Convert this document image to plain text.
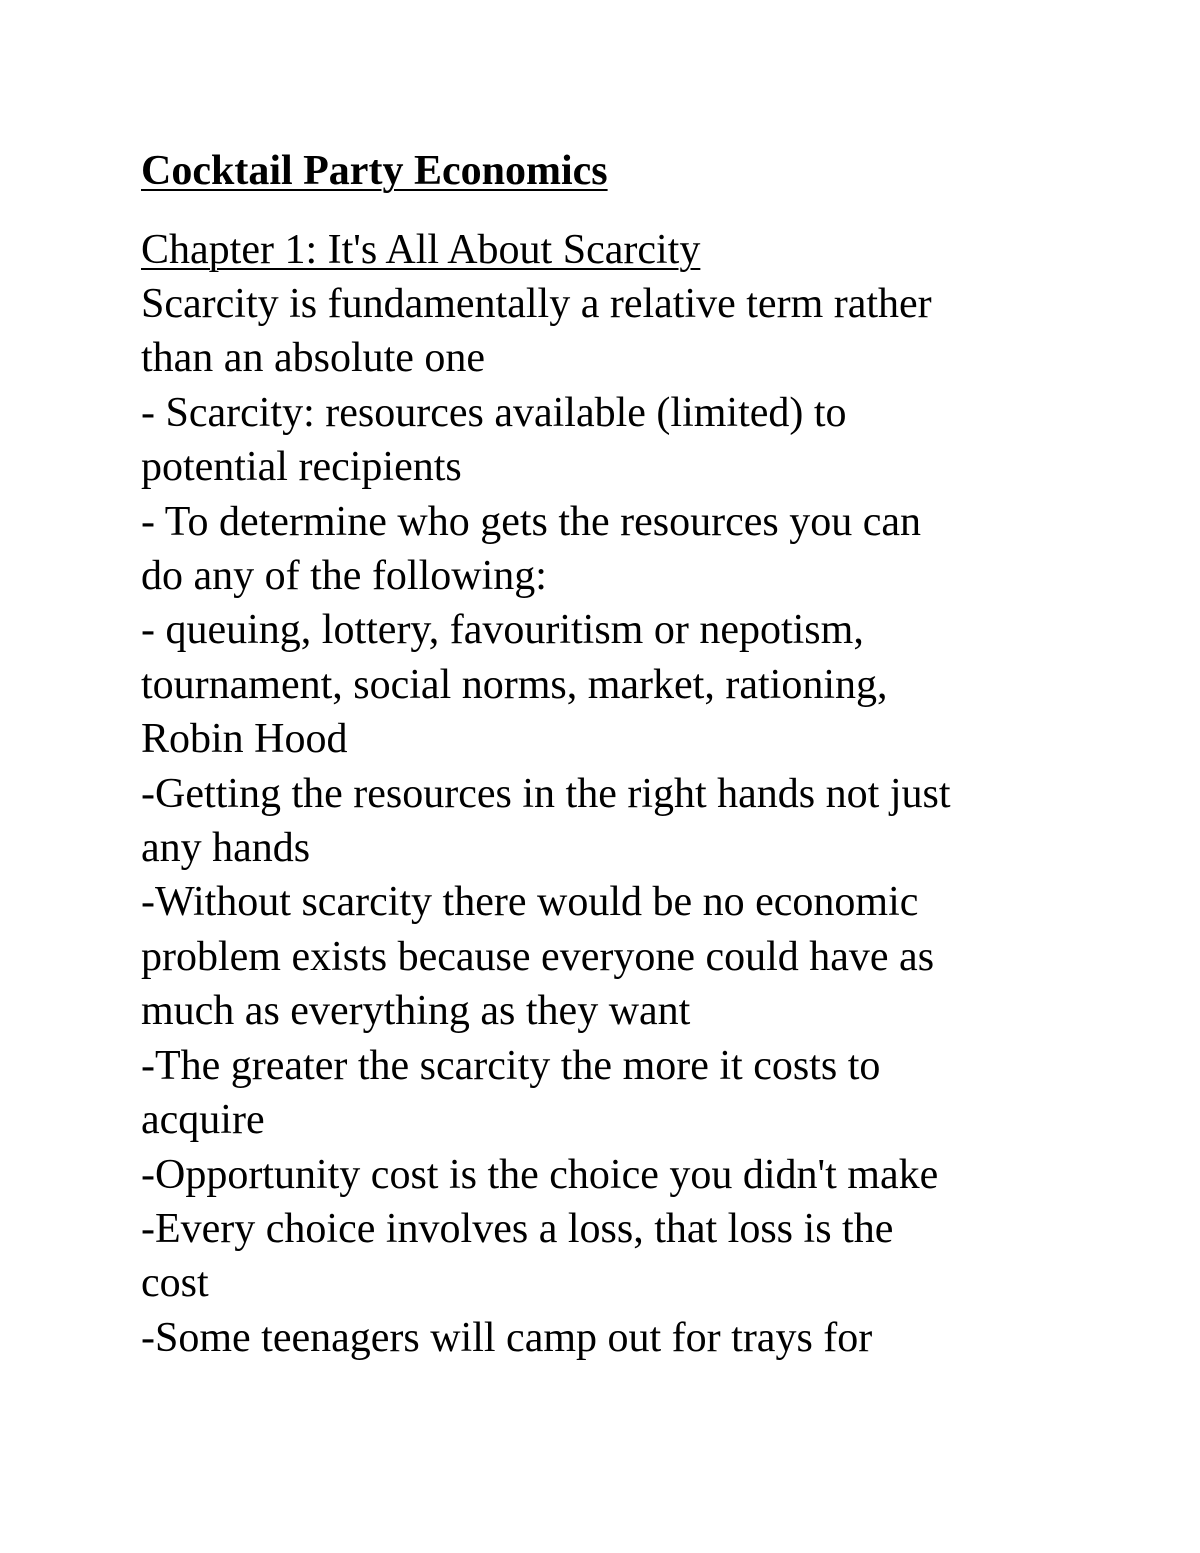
Cocktail Party Economics
Chapter 1: It's All About Scarcity
Scarcity is fundamentally a relative term rather
than an absolute one
- Scarcity: resources available (limited) to
potential recipients
- To determine who gets the resources you can
do any of the following:
- queuing, lottery, favouritism or nepotism,
tournament, social norms, market, rationing,
Robin Hood
-Getting the resources in the right hands not just
any hands
-Without scarcity there would be no economic
problem exists because everyone could have as
much as everything as they want
-The greater the scarcity the more it costs to
acquire
-Opportunity cost is the choice you didn't make
-Every choice involves a loss, that loss is the
cost
-Some teenagers will camp out for trays for
